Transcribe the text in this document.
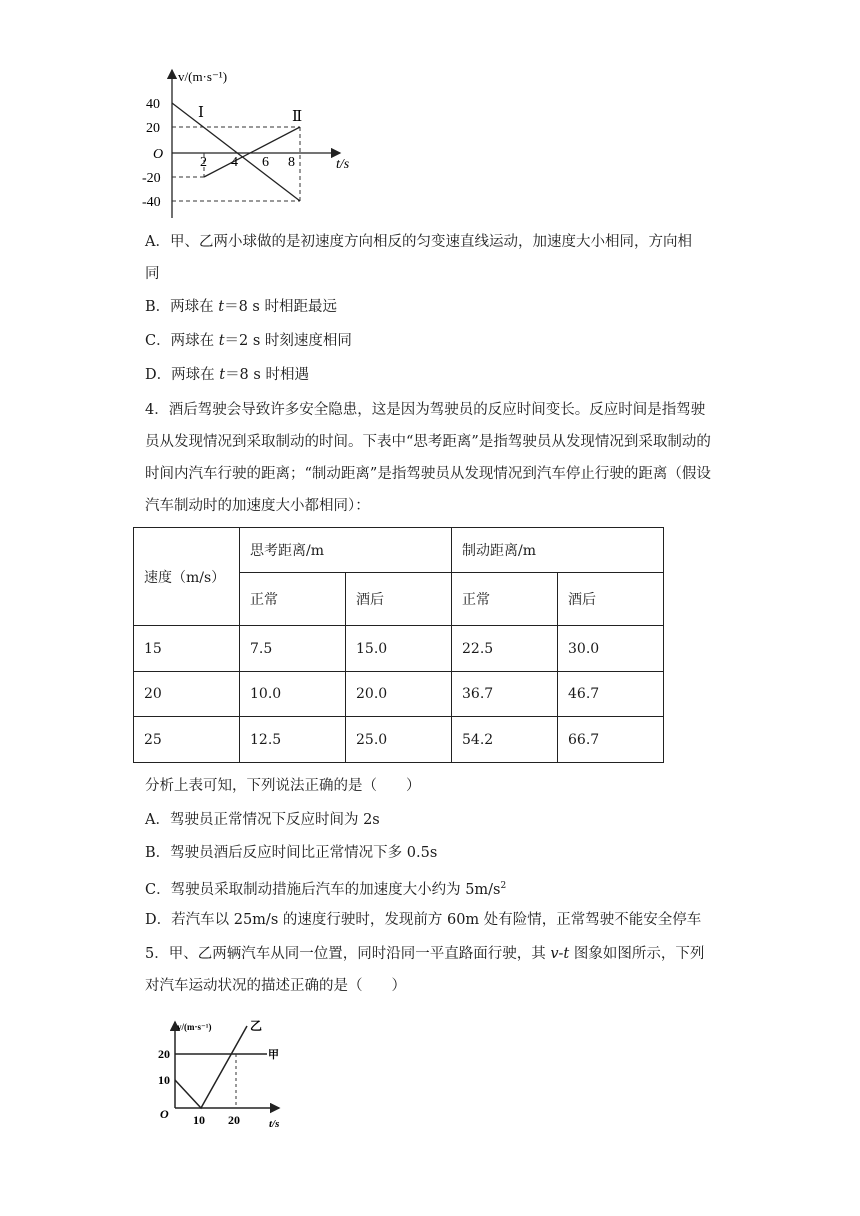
v/(m·s⁻¹)
t/s
O
Ⅰ	Ⅱ
40
20
-20
-40
2 4 6 8
A．甲、乙两小球做的是初速度方向相反的匀变速直线运动，加速度大小相同，方向相
同
B．两球在 t＝8 s 时相距最远
C．两球在 t＝2 s 时刻速度相同
D．两球在 t＝8 s 时相遇
4．酒后驾驶会导致许多安全隐患，这是因为驾驶员的反应时间变长。反应时间是指驾驶员从发现情况到采取制动的时间。下表中“思考距离”是指驾驶员从发现情况到采取制动的时间内汽车行驶的距离；“制动距离”是指驾驶员从发现情况到汽车停止行驶的距离（假设汽车制动时的加速度大小都相同）：
速度（m/s）	思考距离/m		制动距离/m	
	正常	酒后	正常	酒后
15	7.5	15.0	22.5	30.0
20	10.0	20.0	36.7	46.7
25	12.5	25.0	54.2	66.7
分析上表可知，下列说法正确的是（　　）
A．驾驶员正常情况下反应时间为 2s
B．驾驶员酒后反应时间比正常情况下多 0.5s
C．驾驶员采取制动措施后汽车的加速度大小约为 $5m/s^2$
D．若汽车以 25m/s 的速度行驶时，发现前方 60m 处有险情，正常驾驶不能安全停车
5．甲、乙两辆汽车从同一位置，同时沿同一平直路面行驶，其 v-t 图象如图所示，下列对汽车运动状况的描述正确的是（　　）
v/(m·s⁻¹)
t/s
O
甲
乙
20
10
10 20
